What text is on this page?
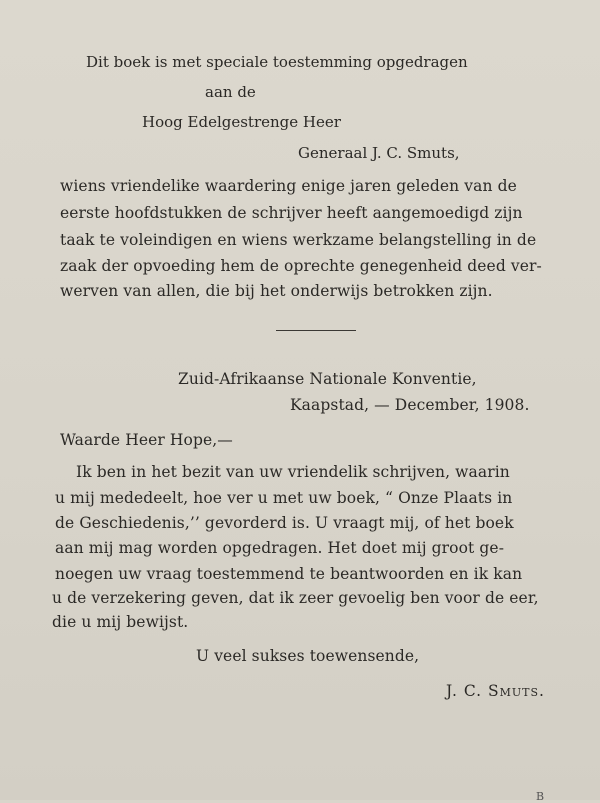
Dit boek is met speciale toestemming opgedragen
aan de
Hoog Edelgestrenge Heer
Generaal J. C. Smuts,
wiens vriendelike waardering enige jaren geleden van de
eerste hoofdstukken de schrijver heeft aangemoedigd zijn
taak te voleindigen en wiens werkzame belangstelling in de
zaak der opvoeding hem de oprechte genegenheid deed ver-
werven van allen, die bij het onderwijs betrokken zijn.
Zuid-Afrikaanse Nationale Konventie,
Kaapstad, — December, 1908.
Waarde Heer Hope,—
Ik ben in het bezit van uw vriendelik schrijven, waarin
u mij mededeelt, hoe ver u met uw boek, “ Onze Plaats in
de Geschiedenis,’’ gevorderd is. U vraagt mij, of het boek
aan mij mag worden opgedragen. Het doet mij groot ge-
noegen uw vraag toestemmend te beantwoorden en ik kan
u de verzekering geven, dat ik zeer gevoelig ben voor de eer,
die u mij bewijst.
U veel sukses toewensende,
J. C. Smuts.
B
